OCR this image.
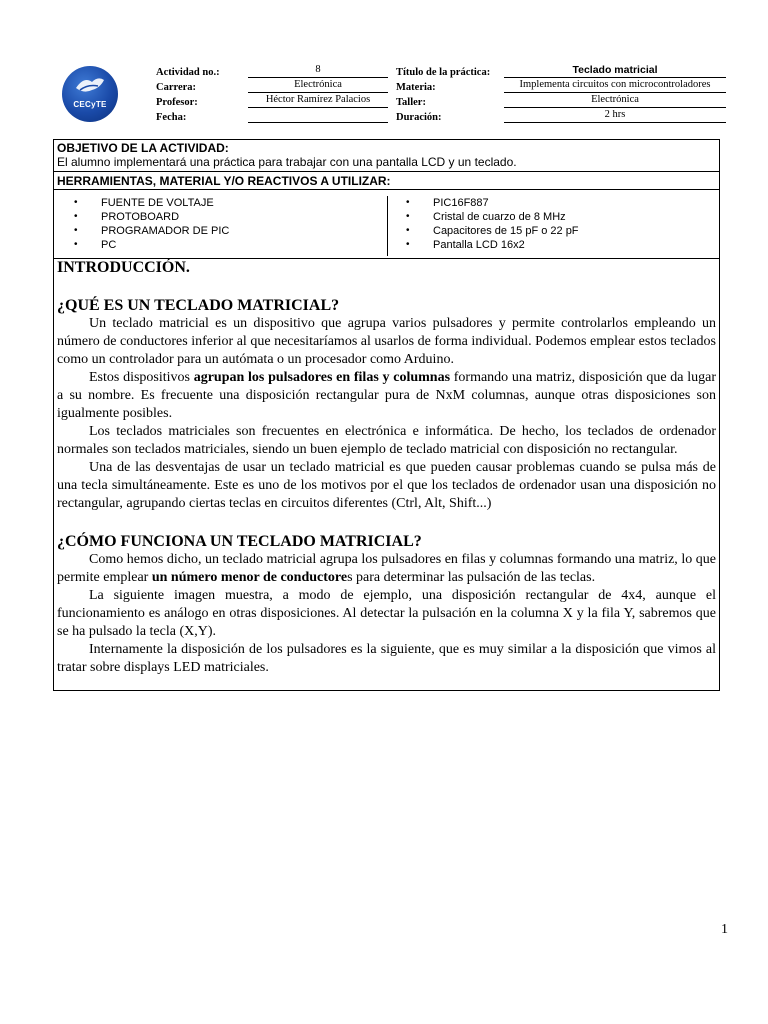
CECyTE
Actividad no.:	8
Carrera:	Electrónica
Profesor:	Héctor Ramírez Palacios
Fecha:
Título de la práctica:	Teclado matricial
Materia:	Implementa circuitos con microcontroladores
Taller:	Electrónica
Duración:	2 hrs
OBJETIVO DE LA ACTIVIDAD:
El alumno implementará una práctica para trabajar con una pantalla LCD y un teclado.
HERRAMIENTAS, MATERIAL Y/O REACTIVOS A UTILIZAR:
• FUENTE DE VOLTAJE
• PROTOBOARD
• PROGRAMADOR DE PIC
• PC
• PIC16F887
• Cristal de cuarzo de 8 MHz
• Capacitores de 15 pF o 22 pF
• Pantalla LCD 16x2
INTRODUCCIÓN.
¿QUÉ ES UN TECLADO MATRICIAL?

Un teclado matricial es un dispositivo que agrupa varios pulsadores y permite controlarlos empleando un número de conductores inferior al que necesitaríamos al usarlos de forma individual. Podemos emplear estos teclados como un controlador para un autómata o un procesador como Arduino.

Estos dispositivos agrupan los pulsadores en filas y columnas formando una matriz, disposición que da lugar a su nombre. Es frecuente una disposición rectangular pura de NxM columnas, aunque otras disposiciones son igualmente posibles.

Los teclados matriciales son frecuentes en electrónica e informática. De hecho, los teclados de ordenador normales son teclados matriciales, siendo un buen ejemplo de teclado matricial con disposición no rectangular.

Una de las desventajas de usar un teclado matricial es que pueden causar problemas cuando se pulsa más de una tecla simultáneamente. Este es uno de los motivos por el que los teclados de ordenador usan una disposición no rectangular, agrupando ciertas teclas en circuitos diferentes (Ctrl, Alt, Shift...)

¿CÓMO FUNCIONA UN TECLADO MATRICIAL?

Como hemos dicho, un teclado matricial agrupa los pulsadores en filas y columnas formando una matriz, lo que permite emplear un número menor de conductores para determinar las pulsación de las teclas.

La siguiente imagen muestra, a modo de ejemplo, una disposición rectangular de 4x4, aunque el funcionamiento es análogo en otras disposiciones. Al detectar la pulsación en la columna X y la fila Y, sabremos que se ha pulsado la tecla (X,Y).

Internamente la disposición de los pulsadores es la siguiente, que es muy similar a la disposición que vimos al tratar sobre displays LED matriciales.

1
